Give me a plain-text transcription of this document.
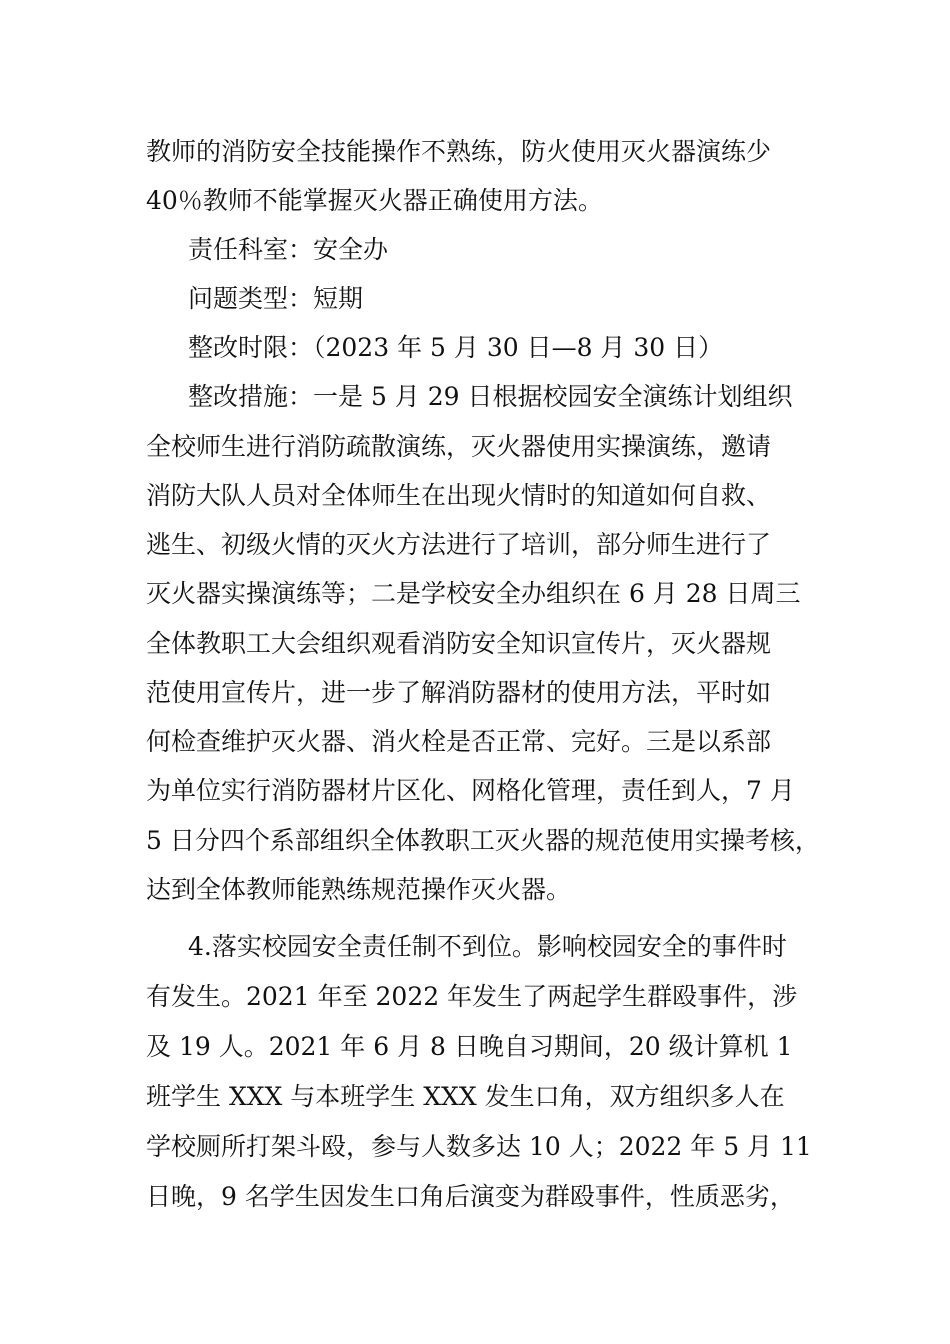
教师的消防安全技能操作不熟练，防火使用灭火器演练少
40％教师不能掌握灭火器正确使用方法。
责任科室：安全办
问题类型：短期
整改时限：（2023 年 5 月 30 日—8 月 30 日）
整改措施：一是 5 月 29 日根据校园安全演练计划组织
全校师生进行消防疏散演练，灭火器使用实操演练，邀请
消防大队人员对全体师生在出现火情时的知道如何自救、
逃生、初级火情的灭火方法进行了培训，部分师生进行了
灭火器实操演练等；二是学校安全办组织在 6 月 28 日周三
全体教职工大会组织观看消防安全知识宣传片，灭火器规
范使用宣传片，进一步了解消防器材的使用方法，平时如
何检查维护灭火器、消火栓是否正常、完好。三是以系部
为单位实行消防器材片区化、网格化管理，责任到人，7 月
5 日分四个系部组织全体教职工灭火器的规范使用实操考核，
达到全体教师能熟练规范操作灭火器。
4.落实校园安全责任制不到位。影响校园安全的事件时
有发生。2021 年至 2022 年发生了两起学生群殴事件，涉
及 19 人。2021 年 6 月 8 日晚自习期间，20 级计算机 1
班学生 XXX 与本班学生 XXX 发生口角，双方组织多人在
学校厕所打架斗殴，参与人数多达 10 人；2022 年 5 月 11
日晚，9 名学生因发生口角后演变为群殴事件，性质恶劣，
